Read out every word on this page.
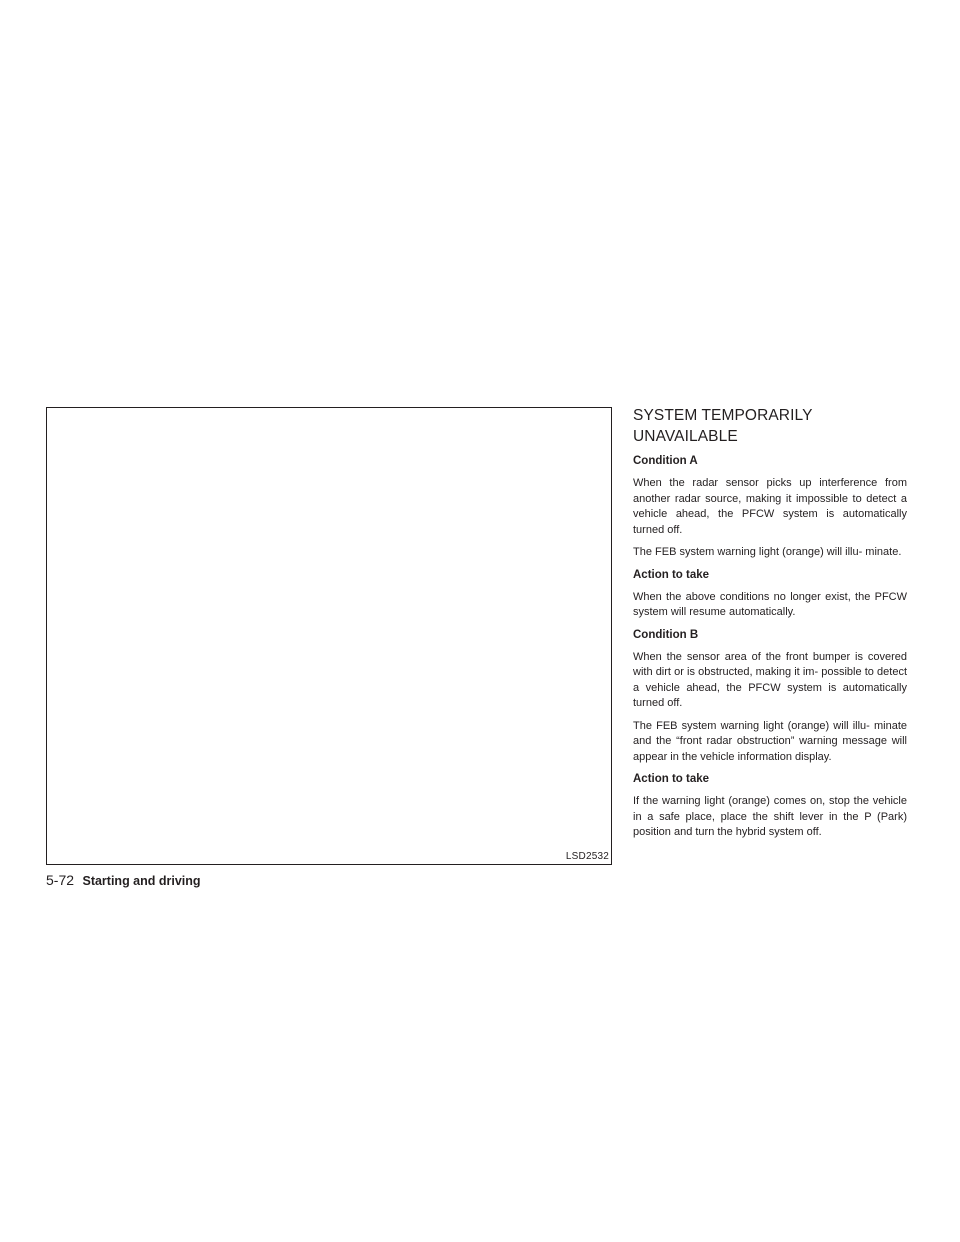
LSD2532
SYSTEM TEMPORARILY
UNAVAILABLE
Condition A

When the radar sensor picks up interference from another radar source, making it impossible to detect a vehicle ahead, the PFCW system is automatically turned off.

The FEB system warning light (orange) will illu- minate.

Action to take

When the above conditions no longer exist, the PFCW system will resume automatically.

Condition B

When the sensor area of the front bumper is covered with dirt or is obstructed, making it im- possible to detect a vehicle ahead, the PFCW system is automatically turned off.

The FEB system warning light (orange) will illu- minate and the “front radar obstruction” warning message will appear in the vehicle information display.

Action to take

If the warning light (orange) comes on, stop the vehicle in a safe place, place the shift lever in the P (Park) position and turn the hybrid system off.

5-72 Starting and driving
